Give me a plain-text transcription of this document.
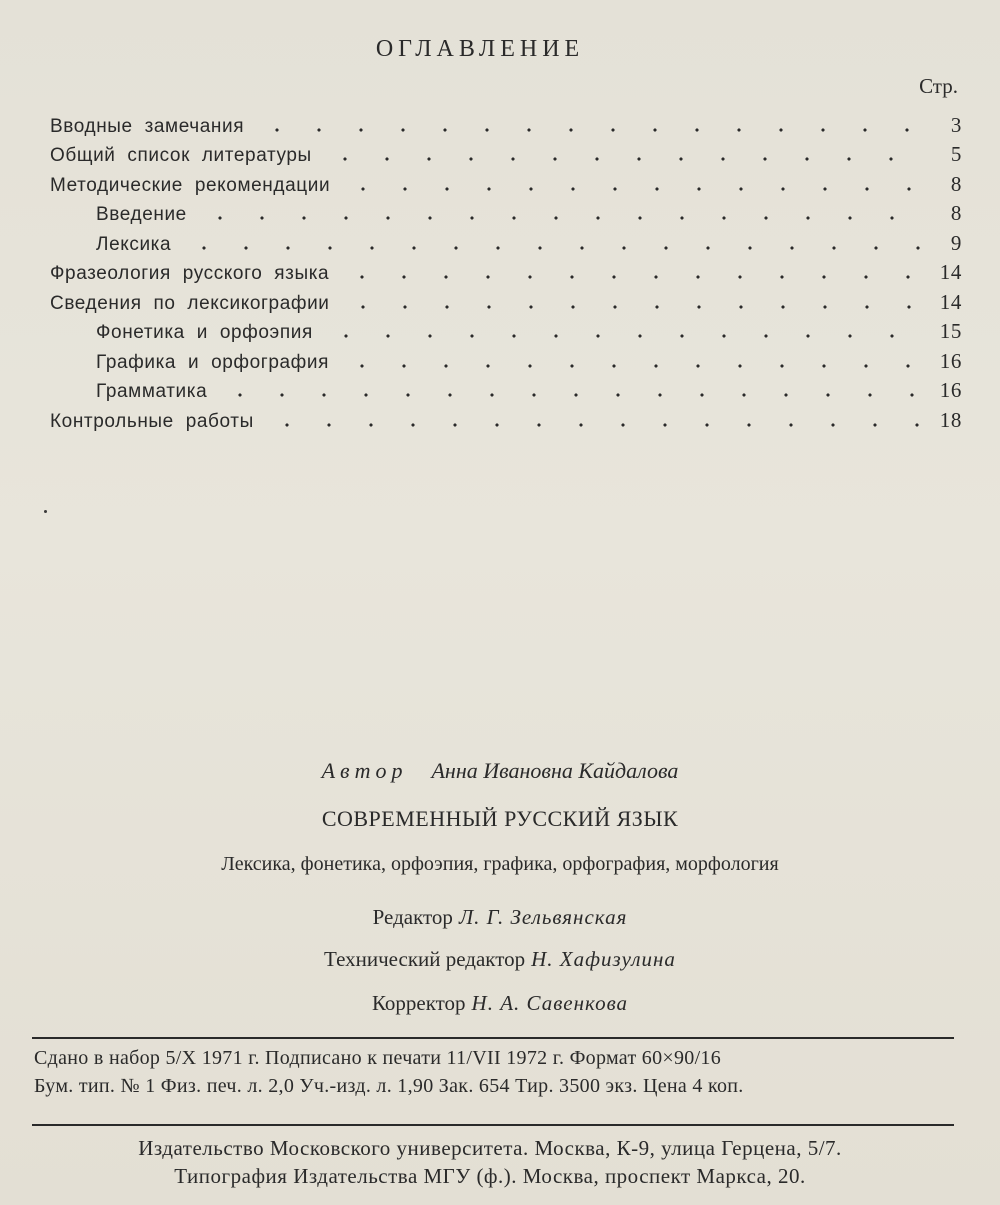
ОГЛАВЛЕНИЕ
Стр.
Вводные замечания	3
Общий список литературы	5
Методические рекомендации	8
Введение	8
Лексика	9
Фразеология русского языка	14
Сведения по лексикографии	14
Фонетика и орфоэпия	15
Графика и орфография	16
Грамматика	16
Контрольные работы	18
Автор Анна Ивановна Кайдалова
СОВРЕМЕННЫЙ РУССКИЙ ЯЗЫК
Лексика, фонетика, орфоэпия, графика, орфография, морфология
Редактор Л. Г. Зельвянская
Технический редактор Н. Хафизулина
Корректор Н. А. Савенкова
Сдано в набор 5/X 1971 г. Подписано к печати 11/VII 1972 г. Формат 60×90/16
Бум. тип. № 1 Физ. печ. л. 2,0 Уч.-изд. л. 1,90 Зак. 654 Тир. 3500 экз. Цена 4 коп.
Издательство Московского университета. Москва, К-9, улица Герцена, 5/7.
Типография Издательства МГУ (ф.). Москва, проспект Маркса, 20.
